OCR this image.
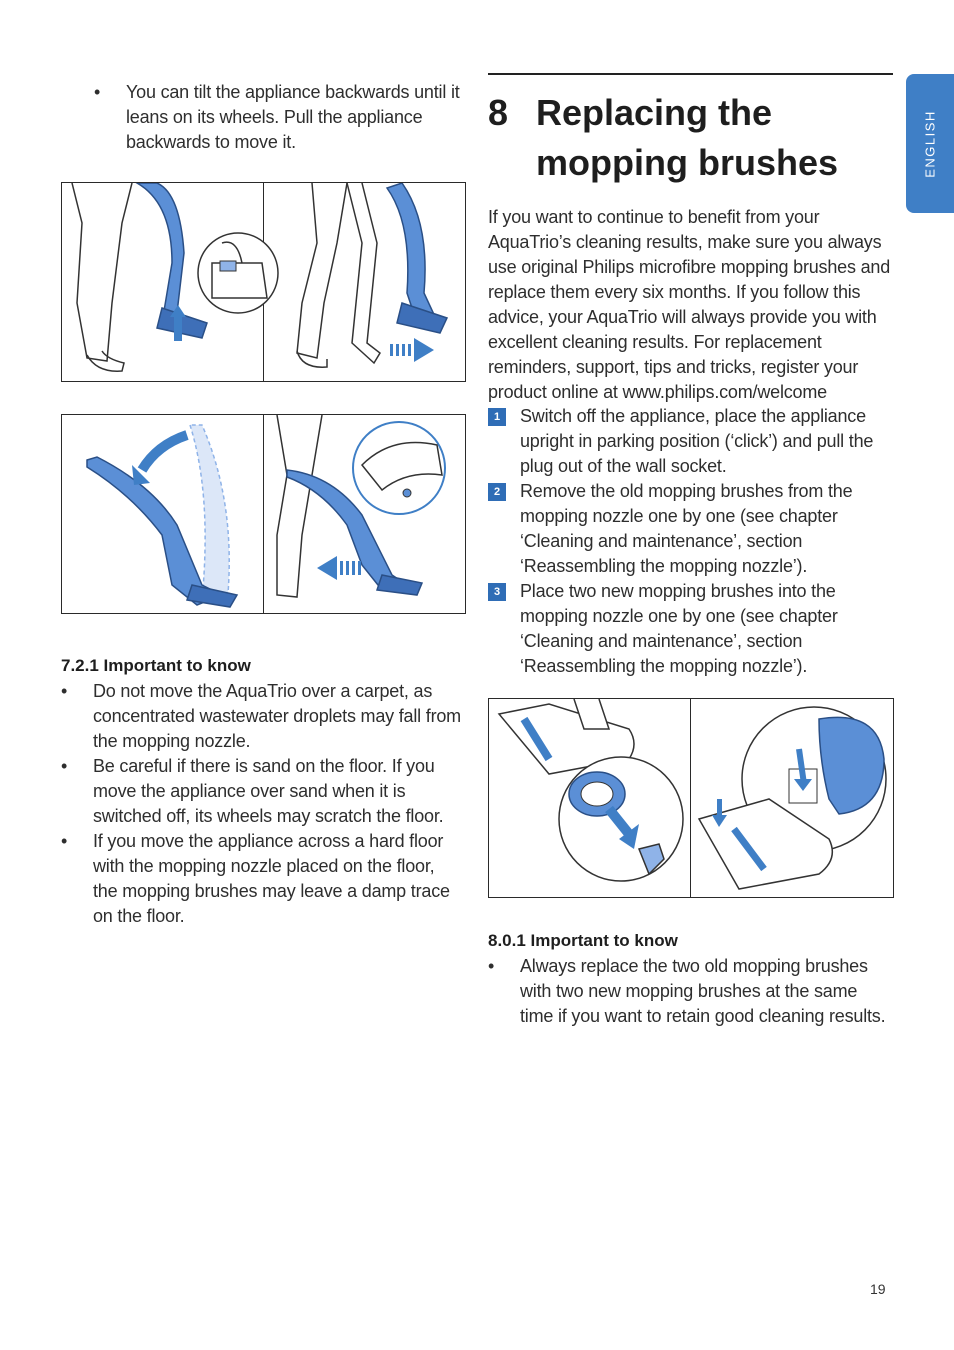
ENGLISH
• You can tilt the appliance backwards until it leans on its wheels. Pull the appliance backwards to move it.
7.2.1 Important to know
• Do not move the AquaTrio over a carpet, as concentrated wastewater droplets may fall from the mopping nozzle.
• Be careful if there is sand on the floor. If you move the appliance over sand when it is switched off, its wheels may scratch the floor.
• If you move the appliance across a hard floor with the mopping nozzle placed on the floor, the mopping brushes may leave a damp trace on the floor.
8 Replacing the mopping brushes
If you want to continue to benefit from your AquaTrio’s cleaning results, make sure you always use original Philips microfibre mopping brushes and replace them every six months. If you follow this advice, your AquaTrio will always provide you with excellent cleaning results. For replacement reminders, support, tips and tricks, register your product online at www.philips.com/welcome
1	Switch off the appliance, place the appliance upright in parking position (‘click’) and pull the plug out of the wall socket.
2	Remove the old mopping brushes from the mopping nozzle one by one (see chapter ‘Cleaning and maintenance’, section ‘Reassembling the mopping nozzle’).
3	Place two new mopping brushes into the mopping nozzle one by one (see chapter ‘Cleaning and maintenance’, section ‘Reassembling the mopping nozzle’).
8.0.1 Important to know
• Always replace the two old mopping brushes with two new mopping brushes at the same time if you want to retain good cleaning results.
19
